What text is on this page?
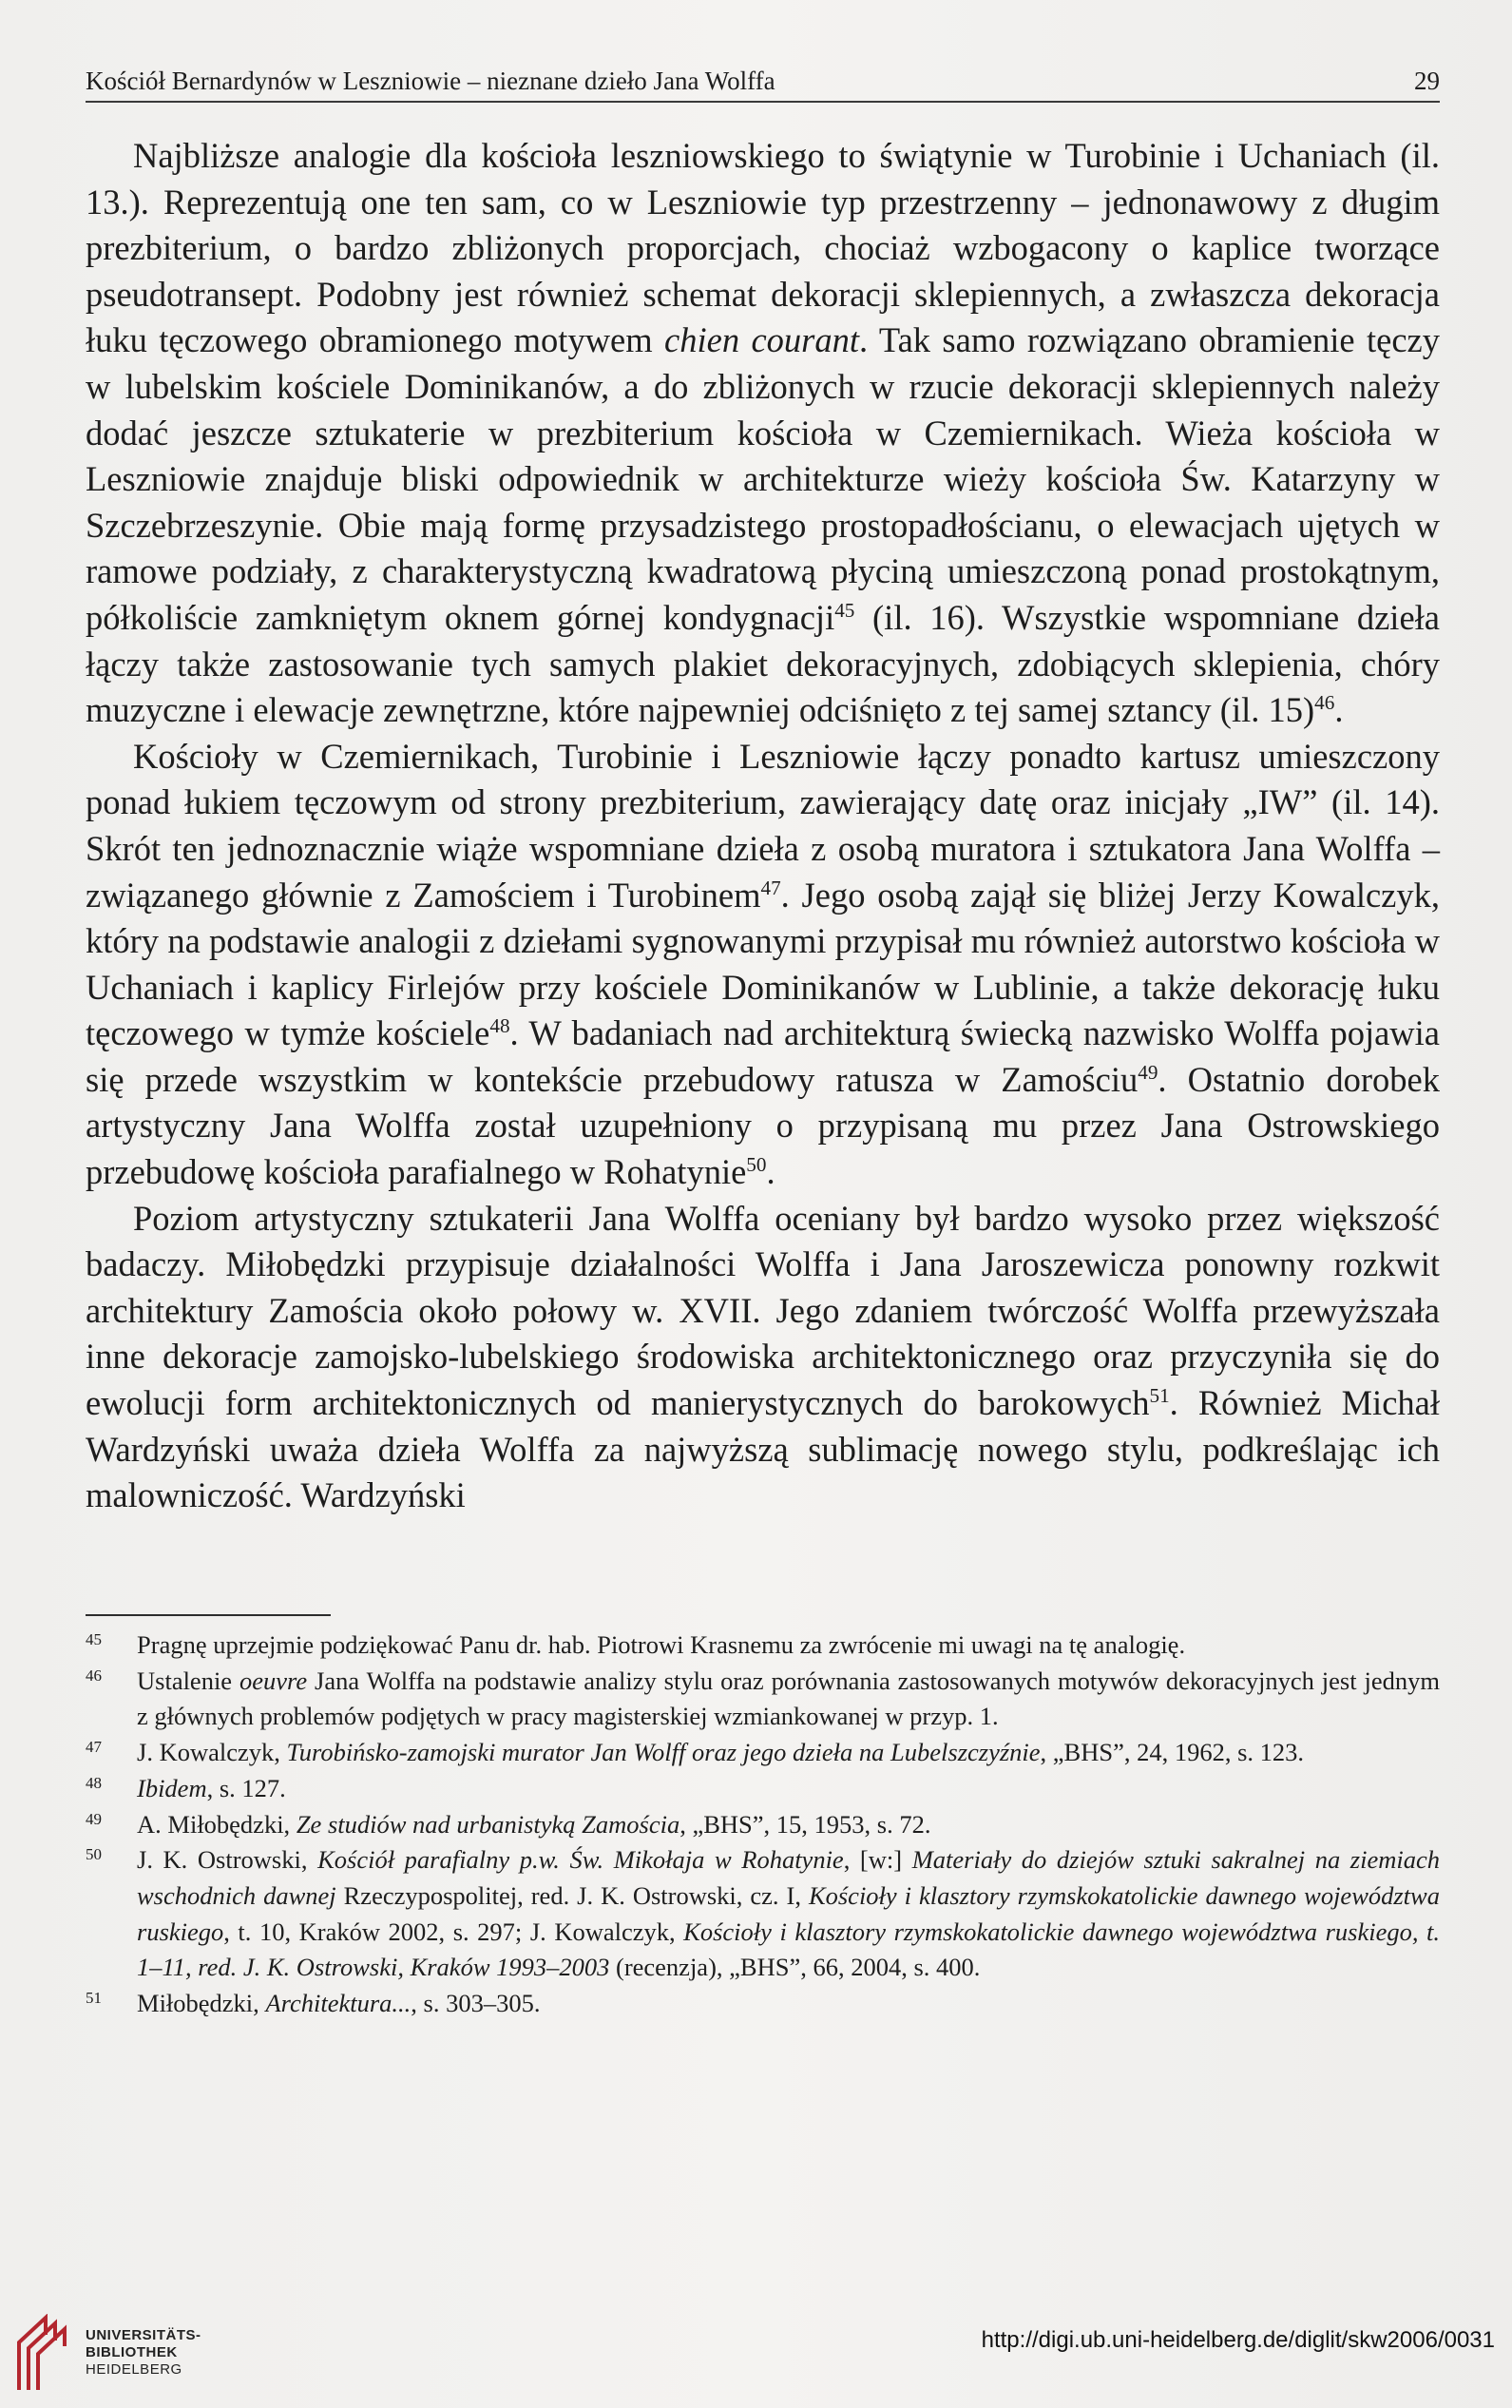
Kościół Bernardynów w Leszniowie – nieznane dzieło Jana Wolffa	29

Najbliższe analogie dla kościoła leszniowskiego to świątynie w Turobinie i Uchaniach (il. 13.). Reprezentują one ten sam, co w Leszniowie typ przestrzenny – jednonawowy z długim prezbiterium, o bardzo zbliżonych proporcjach, chociaż wzbogacony o kaplice tworzące pseudotransept. Podobny jest również schemat dekoracji sklepiennych, a zwłaszcza dekoracja łuku tęczowego obramionego motywem chien courant. Tak samo rozwiązano obramienie tęczy w lubelskim kościele Dominikanów, a do zbliżonych w rzucie dekoracji sklepiennych należy dodać jeszcze sztukaterie w prezbiterium kościoła w Czemiernikach. Wieża kościoła w Leszniowie znajduje bliski odpowiednik w architekturze wieży kościoła Św. Katarzyny w Szczebrzeszynie. Obie mają formę przysadzistego prostopadłościanu, o elewacjach ujętych w ramowe podziały, z charakterystyczną kwadratową płyciną umieszczoną ponad prostokątnym, półkoliście zamkniętym oknem górnej kondygnacji$^{45}$ (il. 16). Wszystkie wspomniane dzieła łączy także zastosowanie tych samych plakiet dekoracyjnych, zdobiących sklepienia, chóry muzyczne i elewacje zewnętrzne, które najpewniej odciśnięto z tej samej sztancy (il. 15)$^{46}$.

Kościoły w Czemiernikach, Turobinie i Leszniowie łączy ponadto kartusz umieszczony ponad łukiem tęczowym od strony prezbiterium, zawierający datę oraz inicjały „IW” (il. 14). Skrót ten jednoznacznie wiąże wspomniane dzieła z osobą muratora i sztukatora Jana Wolffa – związanego głównie z Zamościem i Turobinem$^{47}$. Jego osobą zajął się bliżej Jerzy Kowalczyk, który na podstawie analogii z dziełami sygnowanymi przypisał mu również autorstwo kościoła w Uchaniach i kaplicy Firlejów przy kościele Dominikanów w Lublinie, a także dekorację łuku tęczowego w tymże kościele$^{48}$. W badaniach nad architekturą świecką nazwisko Wolffa pojawia się przede wszystkim w kontekście przebudowy ratusza w Zamościu$^{49}$. Ostatnio dorobek artystyczny Jana Wolffa został uzupełniony o przypisaną mu przez Jana Ostrowskiego przebudowę kościoła parafialnego w Rohatynie$^{50}$.

Poziom artystyczny sztukaterii Jana Wolffa oceniany był bardzo wysoko przez większość badaczy. Miłobędzki przypisuje działalności Wolffa i Jana Jaroszewicza ponowny rozkwit architektury Zamościa około połowy w. XVII. Jego zdaniem twórczość Wolffa przewyższała inne dekoracje zamojsko-lubelskiego środowiska architektonicznego oraz przyczyniła się do ewolucji form architektonicznych od manierystycznych do barokowych$^{51}$. Również Michał Wardzyński uważa dzieła Wolffa za najwyższą sublimację nowego stylu, podkreślając ich malowniczość. Wardzyński

45	Pragnę uprzejmie podziękować Panu dr. hab. Piotrowi Krasnemu za zwrócenie mi uwagi na tę analogię.
46	Ustalenie oeuvre Jana Wolffa na podstawie analizy stylu oraz porównania zastosowanych motywów dekoracyjnych jest jednym z głównych problemów podjętych w pracy magisterskiej wzmiankowanej w przyp. 1.
47	J. Kowalczyk, Turobińsko-zamojski murator Jan Wolff oraz jego dzieła na Lubelszczyźnie, „BHS”, 24, 1962, s. 123.
48	Ibidem, s. 127.
49	A. Miłobędzki, Ze studiów nad urbanistyką Zamościa, „BHS”, 15, 1953, s. 72.
50	J. K. Ostrowski, Kościół parafialny p.w. Św. Mikołaja w Rohatynie, [w:] Materiały do dziejów sztuki sakralnej na ziemiach wschodnich dawnej Rzeczypospolitej, red. J. K. Ostrowski, cz. I, Kościoły i klasztory rzymskokatolickie dawnego województwa ruskiego, t. 10, Kraków 2002, s. 297; J. Kowalczyk, Kościoły i klasztory rzymskokatolickie dawnego województwa ruskiego, t. 1–11, red. J. K. Ostrowski, Kraków 1993–2003 (recenzja), „BHS”, 66, 2004, s. 400.
51	Miłobędzki, Architektura..., s. 303–305.
UNIVERSITÄTS-
BIBLIOTHEK
HEIDELBERG
http://digi.ub.uni-heidelberg.de/diglit/skw2006/0031
